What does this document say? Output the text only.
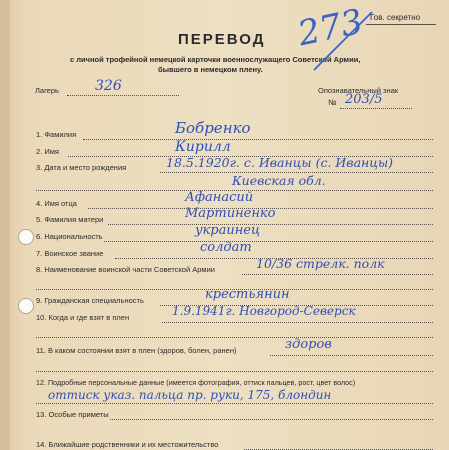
Гов. секретно
ПЕРЕВОД
с личной трофейной немецкой карточки военнослужащего Советской Армии,
бывшего в немецком плену.
273
Лагерь	326	Опознавательный знак
№ 203/5
1. Фамилия	Бобренко
2. Имя	Кирилл
3. Дата и место рождения	18.5.1920г. с. Иванцы (с. Иванцы)
Киевская обл.
4. Имя отца	Афанасий
5. Фамилия матери	Мартиненко
6. Национальность	украинец
7. Воинское звание	солдат
8. Наименование воинской части Советской Армии	10/36 стрелк. полк
9. Гражданская специальность	крестьянин
10. Когда и где взят в плен	1.9.1941г. Новгород-Северск
11. В каком состоянии взят в плен (здоров, болен, ранен)	здоров
12. Подробные персональные данные (имеется фотография, оттиск пальцев, рост, цвет волос)
оттиск указ. пальца пр. руки, 175, блондин
13. Особые приметы
14. Ближайшие родственники и их местожительство
